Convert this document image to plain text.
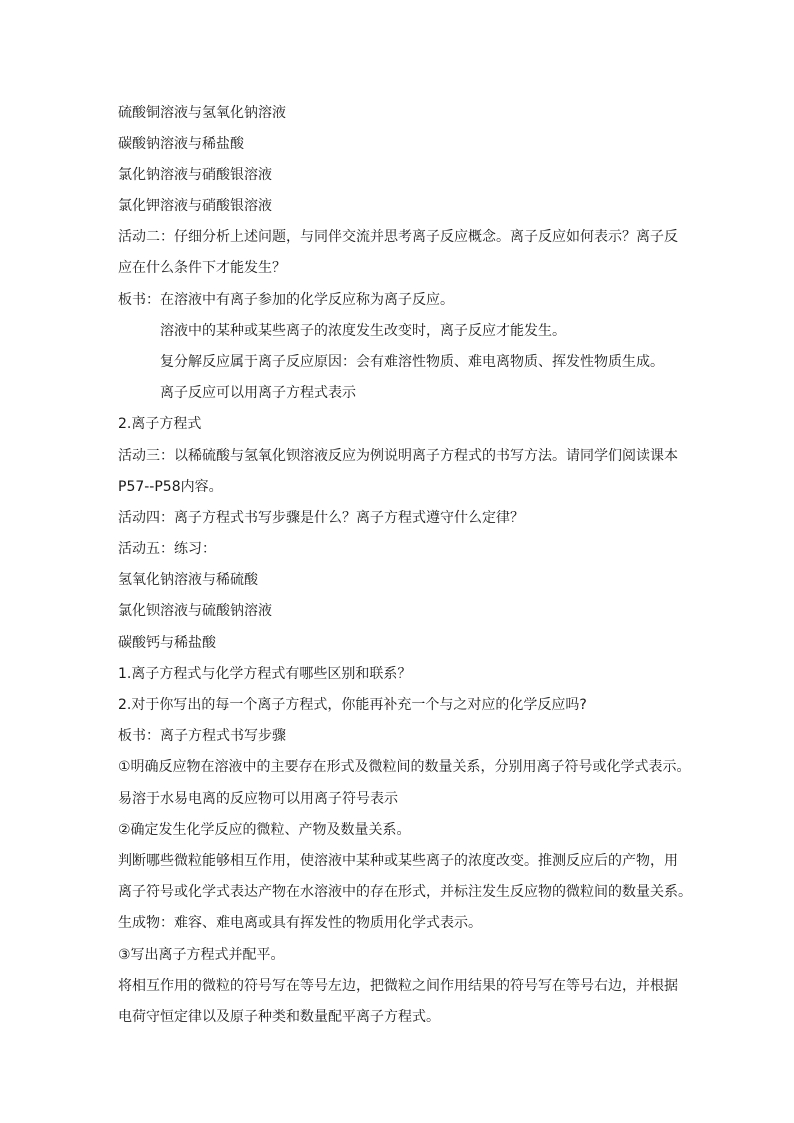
硫酸铜溶液与氢氧化钠溶液
碳酸钠溶液与稀盐酸
氯化钠溶液与硝酸银溶液
氯化钾溶液与硝酸银溶液
活动二：仔细分析上述问题，与同伴交流并思考离子反应概念。离子反应如何表示？离子反
应在什么条件下才能发生？
板书：在溶液中有离子参加的化学反应称为离子反应。
溶液中的某种或某些离子的浓度发生改变时，离子反应才能发生。
复分解反应属于离子反应原因：会有难溶性物质、难电离物质、挥发性物质生成。
离子反应可以用离子方程式表示
2.离子方程式
活动三：以稀硫酸与氢氧化钡溶液反应为例说明离子方程式的书写方法。请同学们阅读课本
P57--P58内容。
活动四：离子方程式书写步骤是什么？离子方程式遵守什么定律？
活动五：练习：
氢氧化钠溶液与稀硫酸
氯化钡溶液与硫酸钠溶液
碳酸钙与稀盐酸
1.离子方程式与化学方程式有哪些区别和联系？
2.对于你写出的每一个离子方程式，你能再补充一个与之对应的化学反应吗?
板书：离子方程式书写步骤
①明确反应物在溶液中的主要存在形式及微粒间的数量关系，分别用离子符号或化学式表示。
易溶于水易电离的反应物可以用离子符号表示
②确定发生化学反应的微粒、产物及数量关系。
判断哪些微粒能够相互作用，使溶液中某种或某些离子的浓度改变。推测反应后的产物，用
离子符号或化学式表达产物在水溶液中的存在形式，并标注发生反应物的微粒间的数量关系。
生成物：难容、难电离或具有挥发性的物质用化学式表示。
③写出离子方程式并配平。
将相互作用的微粒的符号写在等号左边，把微粒之间作用结果的符号写在等号右边，并根据
电荷守恒定律以及原子种类和数量配平离子方程式。
